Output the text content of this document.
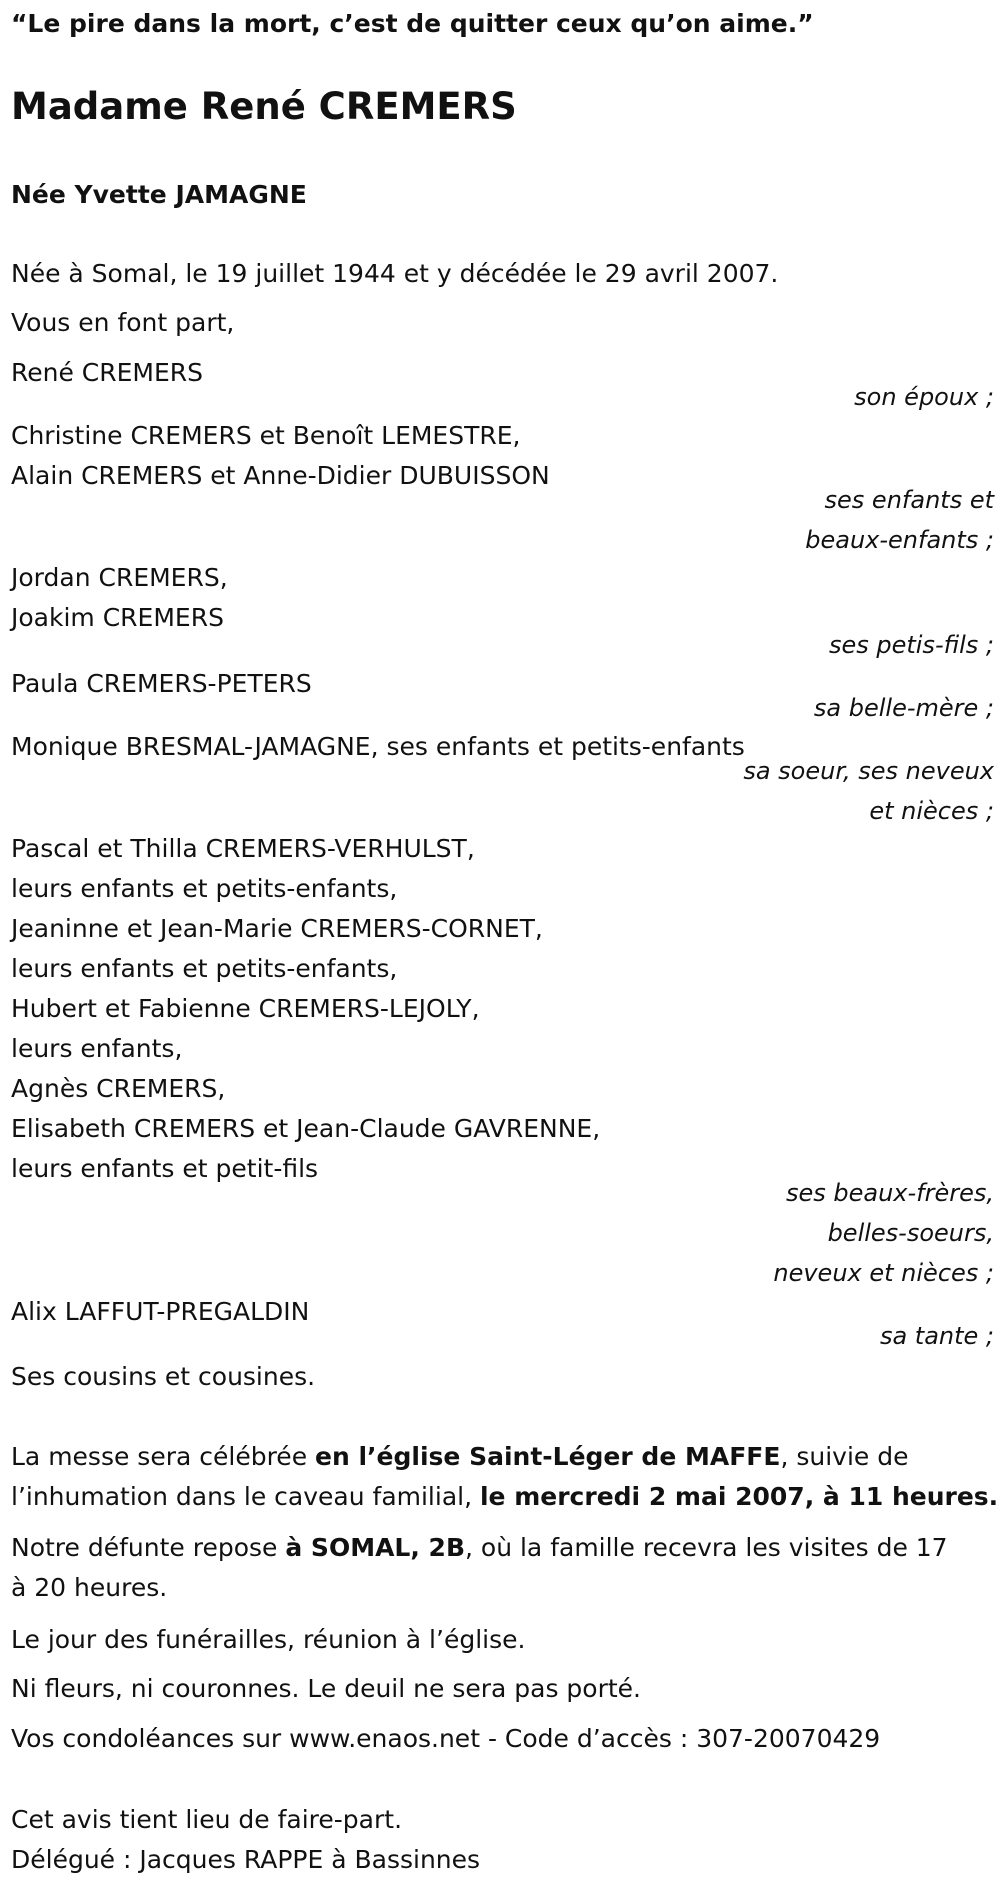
“Le pire dans la mort, c’est de quitter ceux qu’on aime.”

Madame René CREMERS

Née Yvette JAMAGNE

Née à Somal, le 19 juillet 1944 et y décédée le 29 avril 2007.

Vous en font part,

René CREMERS

son époux ;

Christine CREMERS et Benoît LEMESTRE,
Alain CREMERS et Anne-Didier DUBUISSON

ses enfants et
beaux-enfants ;

Jordan CREMERS,
Joakim CREMERS

ses petis-fils ;

Paula CREMERS-PETERS

sa belle-mère ;

Monique BRESMAL-JAMAGNE, ses enfants et petits-enfants

sa soeur, ses neveux
et nièces ;

Pascal et Thilla CREMERS-VERHULST,
leurs enfants et petits-enfants,
Jeaninne et Jean-Marie CREMERS-CORNET,
leurs enfants et petits-enfants,
Hubert et Fabienne CREMERS-LEJOLY,
leurs enfants,
Agnès CREMERS,
Elisabeth CREMERS et Jean-Claude GAVRENNE,
leurs enfants et petit-fils

ses beaux-frères,
belles-soeurs,
neveux et nièces ;

Alix LAFFUT-PREGALDIN

sa tante ;

Ses cousins et cousines.

La messe sera célébrée en l’église Saint-Léger de MAFFE, suivie de
l’inhumation dans le caveau familial, le mercredi 2 mai 2007, à 11 heures.

Notre défunte repose à SOMAL, 2B, où la famille recevra les visites de 17
à 20 heures.

Le jour des funérailles, réunion à l’église.

Ni fleurs, ni couronnes. Le deuil ne sera pas porté.

Vos condoléances sur www.enaos.net - Code d’accès : 307-20070429

Cet avis tient lieu de faire-part.

Délégué : Jacques RAPPE à Bassinnes
